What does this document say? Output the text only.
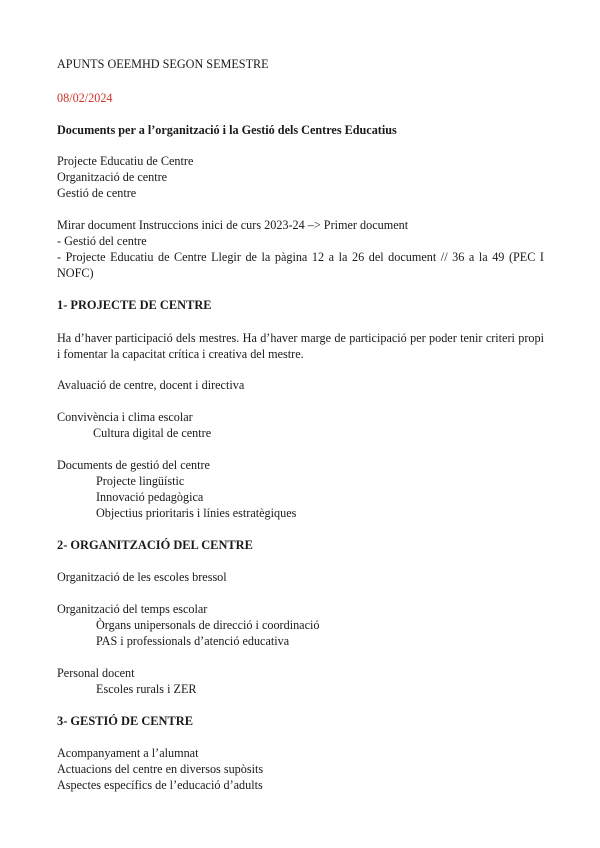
APUNTS OEEMHD SEGON SEMESTRE

08/02/2024

Documents per a l’organització i la Gestió dels Centres Educatius

Projecte Educatiu de Centre

Organització de centre

Gestió de centre

Mirar document Instruccions inici de curs 2023-24 –> Primer document

- Gestió del centre

- Projecte Educatiu de Centre Llegir de la pàgina 12 a la 26 del document // 36 a la 49 (PEC I NOFC)

1- PROJECTE DE CENTRE

Ha d’haver participació dels mestres. Ha d’haver marge de participació per poder tenir criteri propi i fomentar la capacitat crítica i creativa del mestre.

Avaluació de centre, docent i directiva

Convivència i clima escolar

Cultura digital de centre

Documents de gestió del centre

Projecte lingüístic

Innovació pedagògica

Objectius prioritaris i línies estratègiques

2- ORGANITZACIÓ DEL CENTRE

Organització de les escoles bressol

Organització del temps escolar

Òrgans unipersonals de direcció i coordinació

PAS i professionals d’atenció educativa

Personal docent

Escoles rurals i ZER

3- GESTIÓ DE CENTRE

Acompanyament a l’alumnat

Actuacions del centre en diversos supòsits

Aspectes específics de l’educació d’adults
